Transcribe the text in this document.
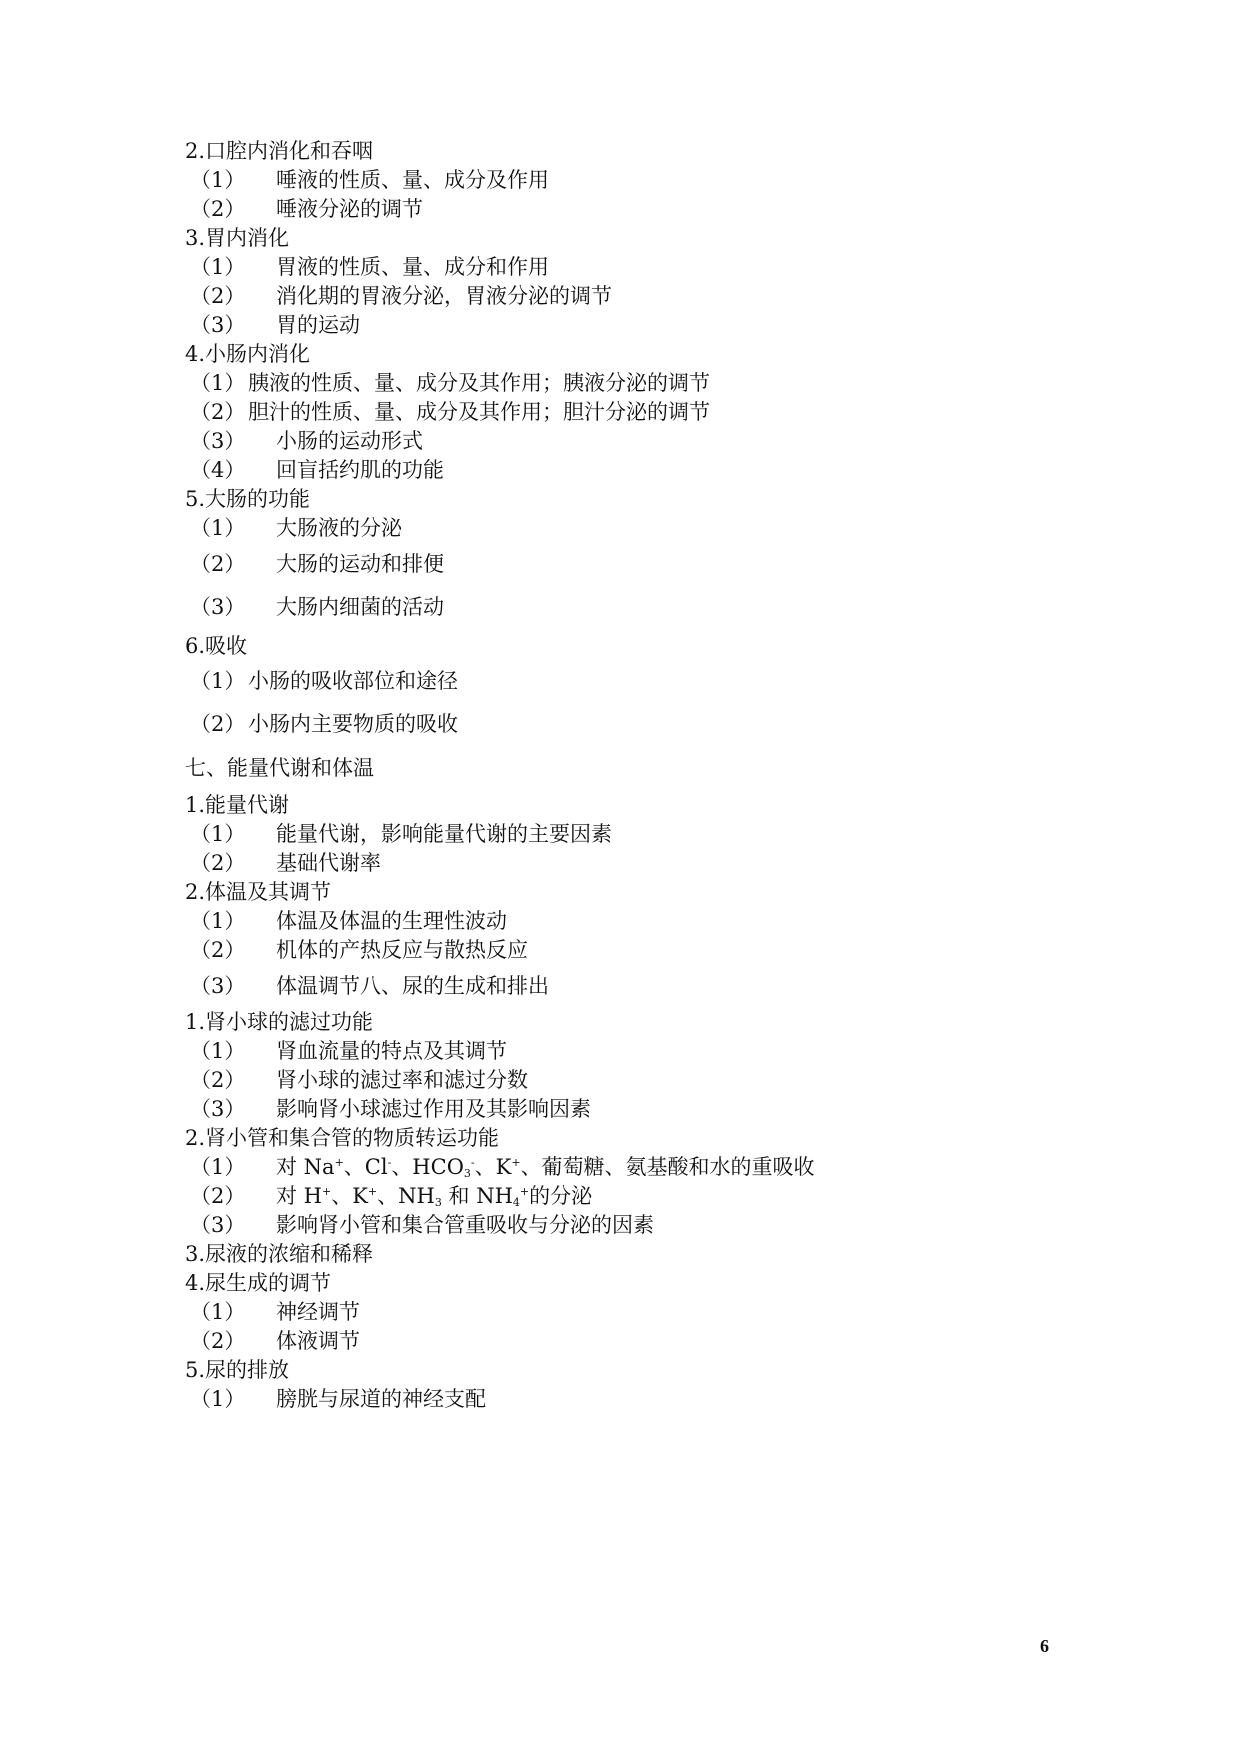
2.口腔内消化和吞咽
（1） 唾液的性质、量、成分及作用
（2） 唾液分泌的调节
3.胃内消化
（1） 胃液的性质、量、成分和作用
（2） 消化期的胃液分泌，胃液分泌的调节
（3） 胃的运动
4.小肠内消化
（1） 胰液的性质、量、成分及其作用；胰液分泌的调节
（2） 胆汁的性质、量、成分及其作用；胆汁分泌的调节
（3） 小肠的运动形式
（4） 回盲括约肌的功能
5.大肠的功能
（1） 大肠液的分泌
（2） 大肠的运动和排便
（3） 大肠内细菌的活动
6.吸收
（1） 小肠的吸收部位和途径
（2） 小肠内主要物质的吸收
七、能量代谢和体温
1.能量代谢
（1） 能量代谢，影响能量代谢的主要因素
（2） 基础代谢率
2.体温及其调节
（1） 体温及体温的生理性波动
（2） 机体的产热反应与散热反应
（3） 体温调节八、尿的生成和排出
1.肾小球的滤过功能
（1） 肾血流量的特点及其调节
（2） 肾小球的滤过率和滤过分数
（3） 影响肾小球滤过作用及其影响因素
2.肾小管和集合管的物质转运功能
（1） 对 Na+、Cl-、$HCO_3^-$、K+、葡萄糖、氨基酸和水的重吸收
（2） 对 H+、K+、$NH_3$ 和 $NH_4^+$的分泌
（3） 影响肾小管和集合管重吸收与分泌的因素
3.尿液的浓缩和稀释
4.尿生成的调节
（1） 神经调节
（2） 体液调节
5.尿的排放
（1） 膀胱与尿道的神经支配
6
